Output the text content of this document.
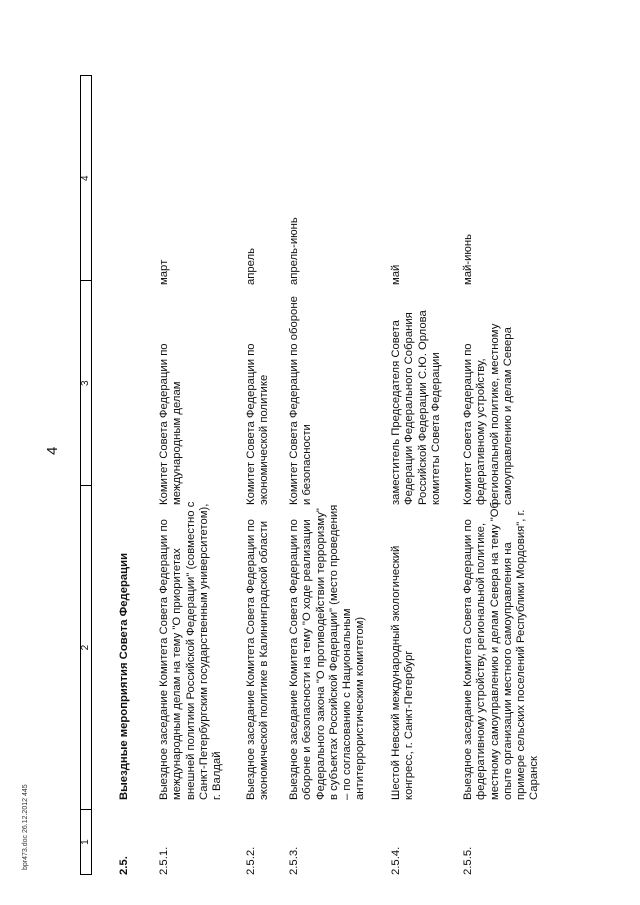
4
bpr473.doc 26.12.2012 445	1
2
3
4
2.5.
Выездные мероприятия Совета Федерации
2.5.1.
Выездное заседание Комитета Совета Федерации по международным делам на тему "О приоритетах внешней политики Российской Федерации" (совместно с Санкт-Петербургским государственным университетом), г. Валдай
Комитет Совета Федерации по международным делам
март
2.5.2.
Выездное заседание Комитета Совета Федерации по экономической политике в Калининградской области
Комитет Совета Федерации по экономической политике
апрель
2.5.3.
Выездное заседание Комитета Совета Федерации по обороне и безопасности на тему "О ходе реализации Федерального закона "О противодействии терроризму" в субъектах Российской Федерации" (место проведения – по согласованию с Национальным антитеррористическим комитетом)
Комитет Совета Федерации по обороне и безопасности
апрель-июнь
2.5.4.
Шестой Невский международный экологический конгресс, г. Санкт-Петербург
заместитель Председателя Совета Федерации Федерального Собрания Российской Федерации С.Ю. Орлова комитеты Совета Федерации
май
2.5.5.
Выездное заседание Комитета Совета Федерации по федеративному устройству, региональной политике, местному самоуправлению и делам Севера на тему "Об опыте организации местного самоуправления на примере сельских поселений Республики Мордовия", г. Саранск
Комитет Совета Федерации по федеративному устройству, региональной политике, местному самоуправлению и делам Севера
май-июнь
